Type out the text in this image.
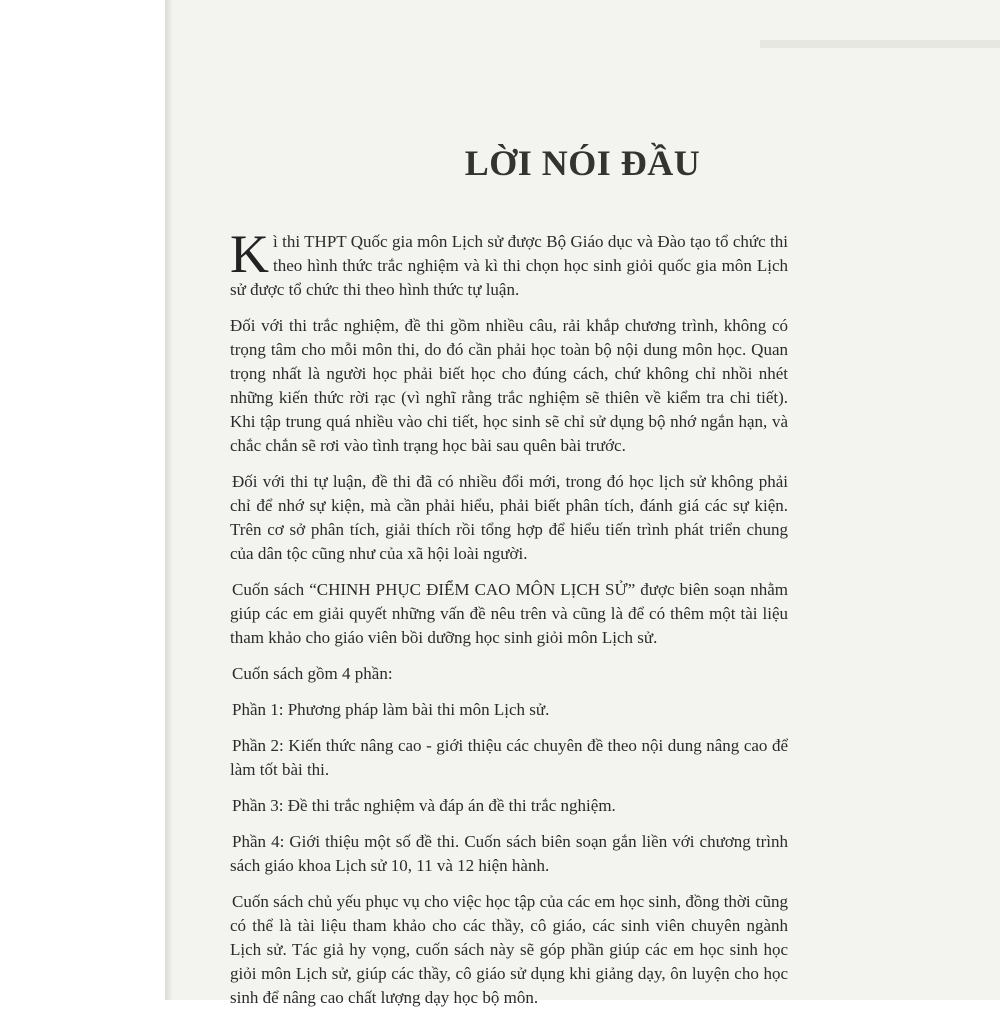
LỜI NÓI ĐẦU

Kì thi THPT Quốc gia môn Lịch sử được Bộ Giáo dục và Đào tạo tổ chức thi theo hình thức trắc nghiệm và kì thi chọn học sinh giỏi quốc gia môn Lịch sử được tổ chức thi theo hình thức tự luận.

Đối với thi trắc nghiệm, đề thi gồm nhiều câu, rải khắp chương trình, không có trọng tâm cho mỗi môn thi, do đó cần phải học toàn bộ nội dung môn học. Quan trọng nhất là người học phải biết học cho đúng cách, chứ không chỉ nhồi nhét những kiến thức rời rạc (vì nghĩ rằng trắc nghiệm sẽ thiên về kiểm tra chi tiết). Khi tập trung quá nhiều vào chi tiết, học sinh sẽ chỉ sử dụng bộ nhớ ngắn hạn, và chắc chắn sẽ rơi vào tình trạng học bài sau quên bài trước.

Đối với thi tự luận, đề thi đã có nhiều đổi mới, trong đó học lịch sử không phải chỉ để nhớ sự kiện, mà cần phải hiểu, phải biết phân tích, đánh giá các sự kiện. Trên cơ sở phân tích, giải thích rồi tổng hợp để hiểu tiến trình phát triển chung của dân tộc cũng như của xã hội loài người.

Cuốn sách “CHINH PHỤC ĐIỂM CAO MÔN LỊCH SỬ” được biên soạn nhằm giúp các em giải quyết những vấn đề nêu trên và cũng là để có thêm một tài liệu tham khảo cho giáo viên bồi dưỡng học sinh giỏi môn Lịch sử.

Cuốn sách gồm 4 phần:

Phần 1: Phương pháp làm bài thi môn Lịch sử.

Phần 2: Kiến thức nâng cao - giới thiệu các chuyên đề theo nội dung nâng cao để làm tốt bài thi.

Phần 3: Đề thi trắc nghiệm và đáp án đề thi trắc nghiệm.

Phần 4: Giới thiệu một số đề thi. Cuốn sách biên soạn gắn liền với chương trình sách giáo khoa Lịch sử 10, 11 và 12 hiện hành.

Cuốn sách chủ yếu phục vụ cho việc học tập của các em học sinh, đồng thời cũng có thể là tài liệu tham khảo cho các thầy, cô giáo, các sinh viên chuyên ngành Lịch sử. Tác giả hy vọng, cuốn sách này sẽ góp phần giúp các em học sinh học giỏi môn Lịch sử, giúp các thầy, cô giáo sử dụng khi giảng dạy, ôn luyện cho học sinh để nâng cao chất lượng dạy học bộ môn.
